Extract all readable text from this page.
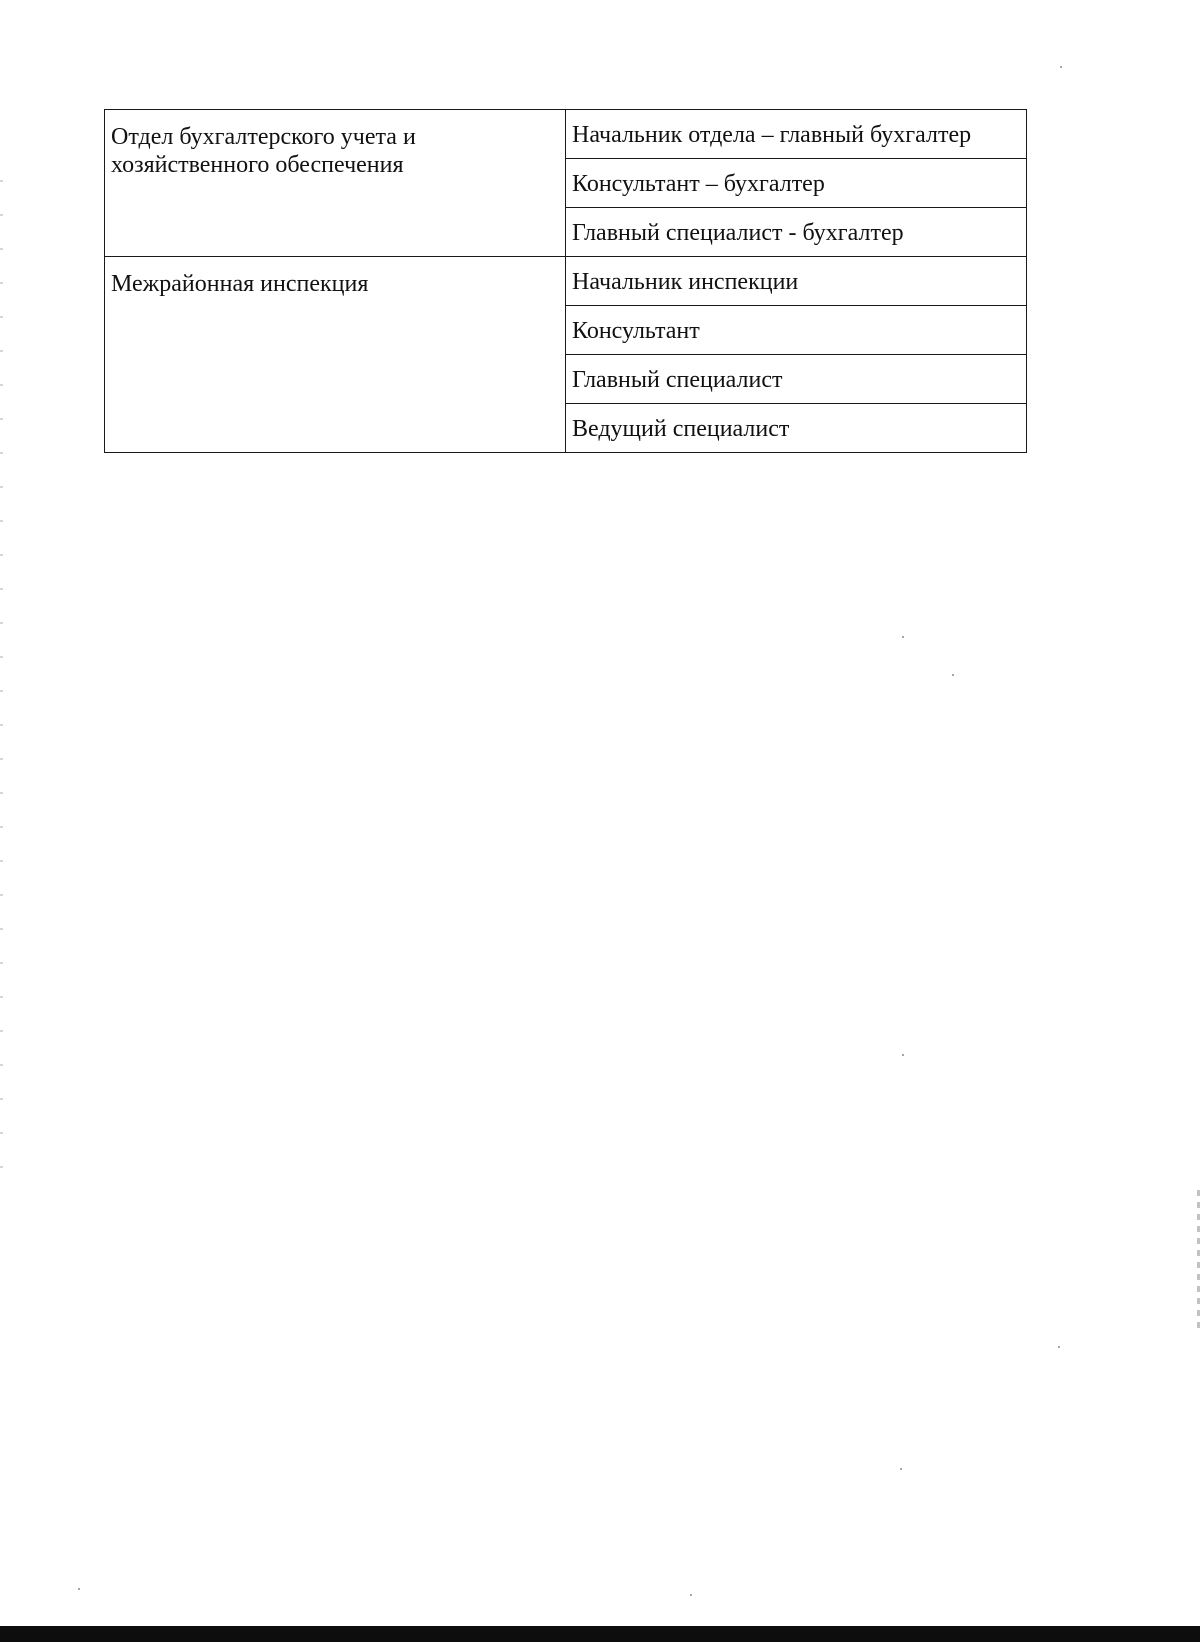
Отдел бухгалтерского учета и хозяйственного обеспечения	Начальник отдела – главный бухгалтер
	Консультант – бухгалтер
	Главный специалист - бухгалтер
Межрайонная инспекция	Начальник инспекции
	Консультант
	Главный специалист
	Ведущий специалист
